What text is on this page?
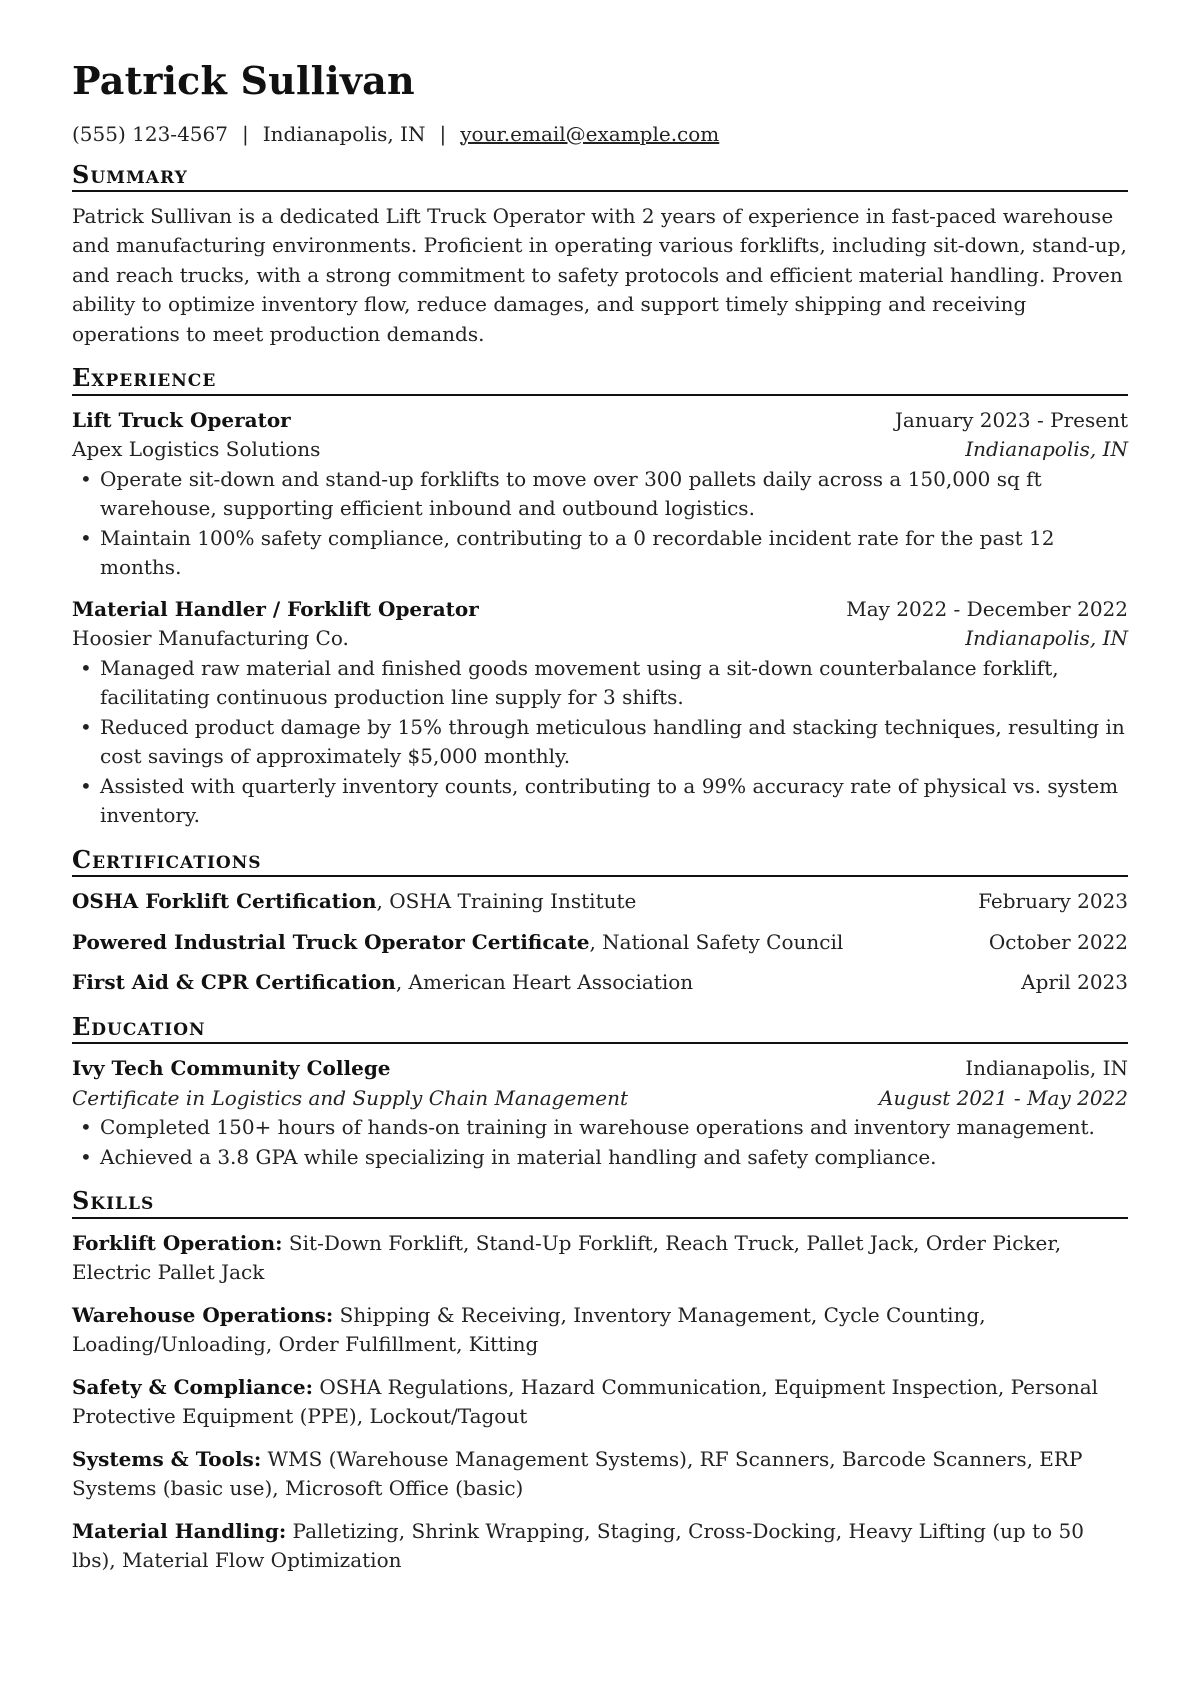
Patrick Sullivan
(555) 123-4567 | Indianapolis, IN | your.email@example.com
Summary
Patrick Sullivan is a dedicated Lift Truck Operator with 2 years of experience in fast-paced warehouse and manufacturing environments. Proficient in operating various forklifts, including sit-down, stand-up, and reach trucks, with a strong commitment to safety protocols and efficient material handling. Proven ability to optimize inventory flow, reduce damages, and support timely shipping and receiving operations to meet production demands.
Experience
Lift Truck Operator	January 2023 - Present
Apex Logistics Solutions	Indianapolis, IN
• Operate sit-down and stand-up forklifts to move over 300 pallets daily across a 150,000 sq ft warehouse, supporting efficient inbound and outbound logistics.
• Maintain 100% safety compliance, contributing to a 0 recordable incident rate for the past 12 months.
Material Handler / Forklift Operator	May 2022 - December 2022
Hoosier Manufacturing Co.	Indianapolis, IN
• Managed raw material and finished goods movement using a sit-down counterbalance forklift, facilitating continuous production line supply for 3 shifts.
• Reduced product damage by 15% through meticulous handling and stacking techniques, resulting in cost savings of approximately $5,000 monthly.
• Assisted with quarterly inventory counts, contributing to a 99% accuracy rate of physical vs. system inventory.
Certifications
OSHA Forklift Certification, OSHA Training Institute	February 2023
Powered Industrial Truck Operator Certificate, National Safety Council	October 2022
First Aid & CPR Certification, American Heart Association	April 2023
Education
Ivy Tech Community College	Indianapolis, IN
Certificate in Logistics and Supply Chain Management	August 2021 - May 2022
• Completed 150+ hours of hands-on training in warehouse operations and inventory management.
• Achieved a 3.8 GPA while specializing in material handling and safety compliance.
Skills
Forklift Operation: Sit-Down Forklift, Stand-Up Forklift, Reach Truck, Pallet Jack, Order Picker, Electric Pallet Jack
Warehouse Operations: Shipping & Receiving, Inventory Management, Cycle Counting, Loading/Unloading, Order Fulfillment, Kitting
Safety & Compliance: OSHA Regulations, Hazard Communication, Equipment Inspection, Personal Protective Equipment (PPE), Lockout/Tagout
Systems & Tools: WMS (Warehouse Management Systems), RF Scanners, Barcode Scanners, ERP Systems (basic use), Microsoft Office (basic)
Material Handling: Palletizing, Shrink Wrapping, Staging, Cross-Docking, Heavy Lifting (up to 50 lbs), Material Flow Optimization
